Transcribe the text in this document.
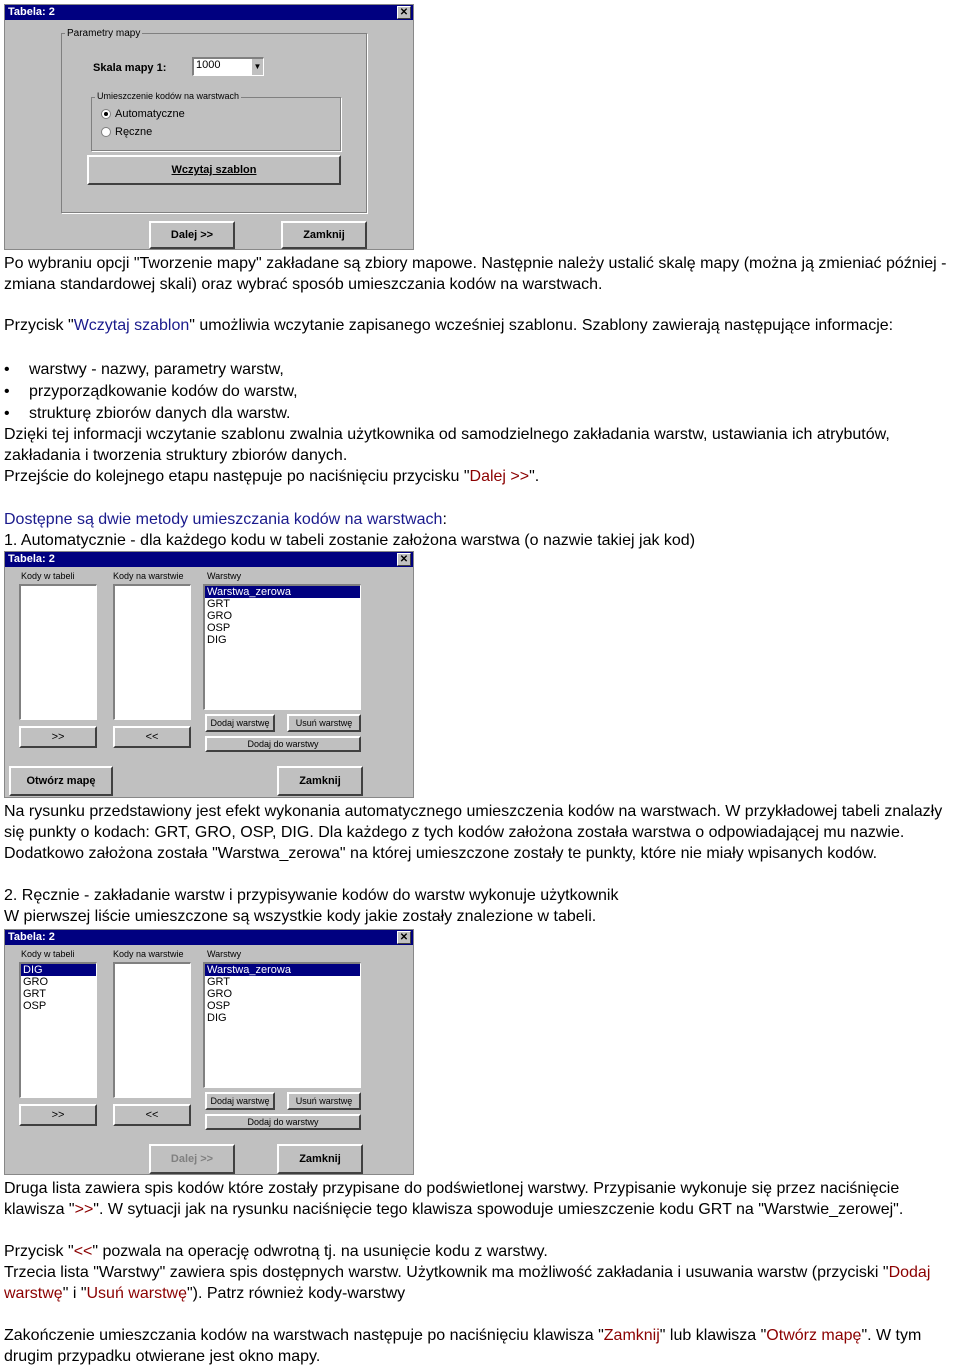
Tabela: 2	✕
Parametry mapy
Skala mapy 1:	1000	▼
Umieszczenie kodów na warstwach
Automatyczne
Ręczne
Wczytaj szablon
Dalej >>	Zamknij
Po wybraniu opcji "Tworzenie mapy" zakładane są zbiory mapowe. Następnie należy ustalić skalę mapy (można ją zmieniać później - zmiana standardowej skali) oraz wybrać sposób umieszczania kodów na warstwach.
Przycisk "Wczytaj szablon" umożliwia wczytanie zapisanego wcześniej szablonu. Szablony zawierają następujące informacje:
• warstwy - nazwy, parametry warstw,
• przyporządkowanie kodów do warstw,
• strukturę zbiorów danych dla warstw.
Dzięki tej informacji wczytanie szablonu zwalnia użytkownika od samodzielnego zakładania warstw, ustawiania ich atrybutów, zakładania i tworzenia struktury zbiorów danych.
Przejście do kolejnego etapu następuje po naciśnięciu przycisku "Dalej >>".
Dostępne są dwie metody umieszczania kodów na warstwach:
1. Automatycznie - dla każdego kodu w tabeli zostanie założona warstwa (o nazwie takiej jak kod)
Tabela: 2	✕
Kody w tabeli	Kody na warstwie	Warstwy
Warstwa_zerowa
GRT
GRO
OSP
DIG
Dodaj warstwę	Usuń warstwę
>>	<<
Dodaj do warstwy
Otwórz mapę	Zamknij
Na rysunku przedstawiony jest efekt wykonania automatycznego umieszczenia kodów na warstwach. W przykładowej tabeli znalazły się punkty o kodach: GRT, GRO, OSP, DIG. Dla każdego z tych kodów założona została warstwa o odpowiadającej mu nazwie. Dodatkowo założona została "Warstwa_zerowa" na której umieszczone zostały te punkty, które nie miały wpisanych kodów.
2. Ręcznie - zakładanie warstw i przypisywanie kodów do warstw wykonuje użytkownik
W pierwszej liście umieszczone są wszystkie kody jakie zostały znalezione w tabeli.
Tabela: 2	✕
Kody w tabeli	Kody na warstwie	Warstwy
DIG
GRO
GRT
OSP
Warstwa_zerowa
GRT
GRO
OSP
DIG
Dodaj warstwę	Usuń warstwę
>>	<<
Dodaj do warstwy
Dalej >>	Zamknij
Druga lista zawiera spis kodów które zostały przypisane do podświetlonej warstwy. Przypisanie wykonuje się przez naciśnięcie klawisza ">>". W sytuacji jak na rysunku naciśnięcie tego klawisza spowoduje umieszczenie kodu GRT na "Warstwie_zerowej".
Przycisk "<<" pozwala na operację odwrotną tj. na usunięcie kodu z warstwy.
Trzecia lista "Warstwy" zawiera spis dostępnych warstw. Użytkownik ma możliwość zakładania i usuwania warstw (przyciski "Dodaj warstwę" i "Usuń warstwę"). Patrz również kody-warstwy
Zakończenie umieszczania kodów na warstwach następuje po naciśnięciu klawisza "Zamknij" lub klawisza "Otwórz mapę". W tym drugim przypadku otwierane jest okno mapy.
